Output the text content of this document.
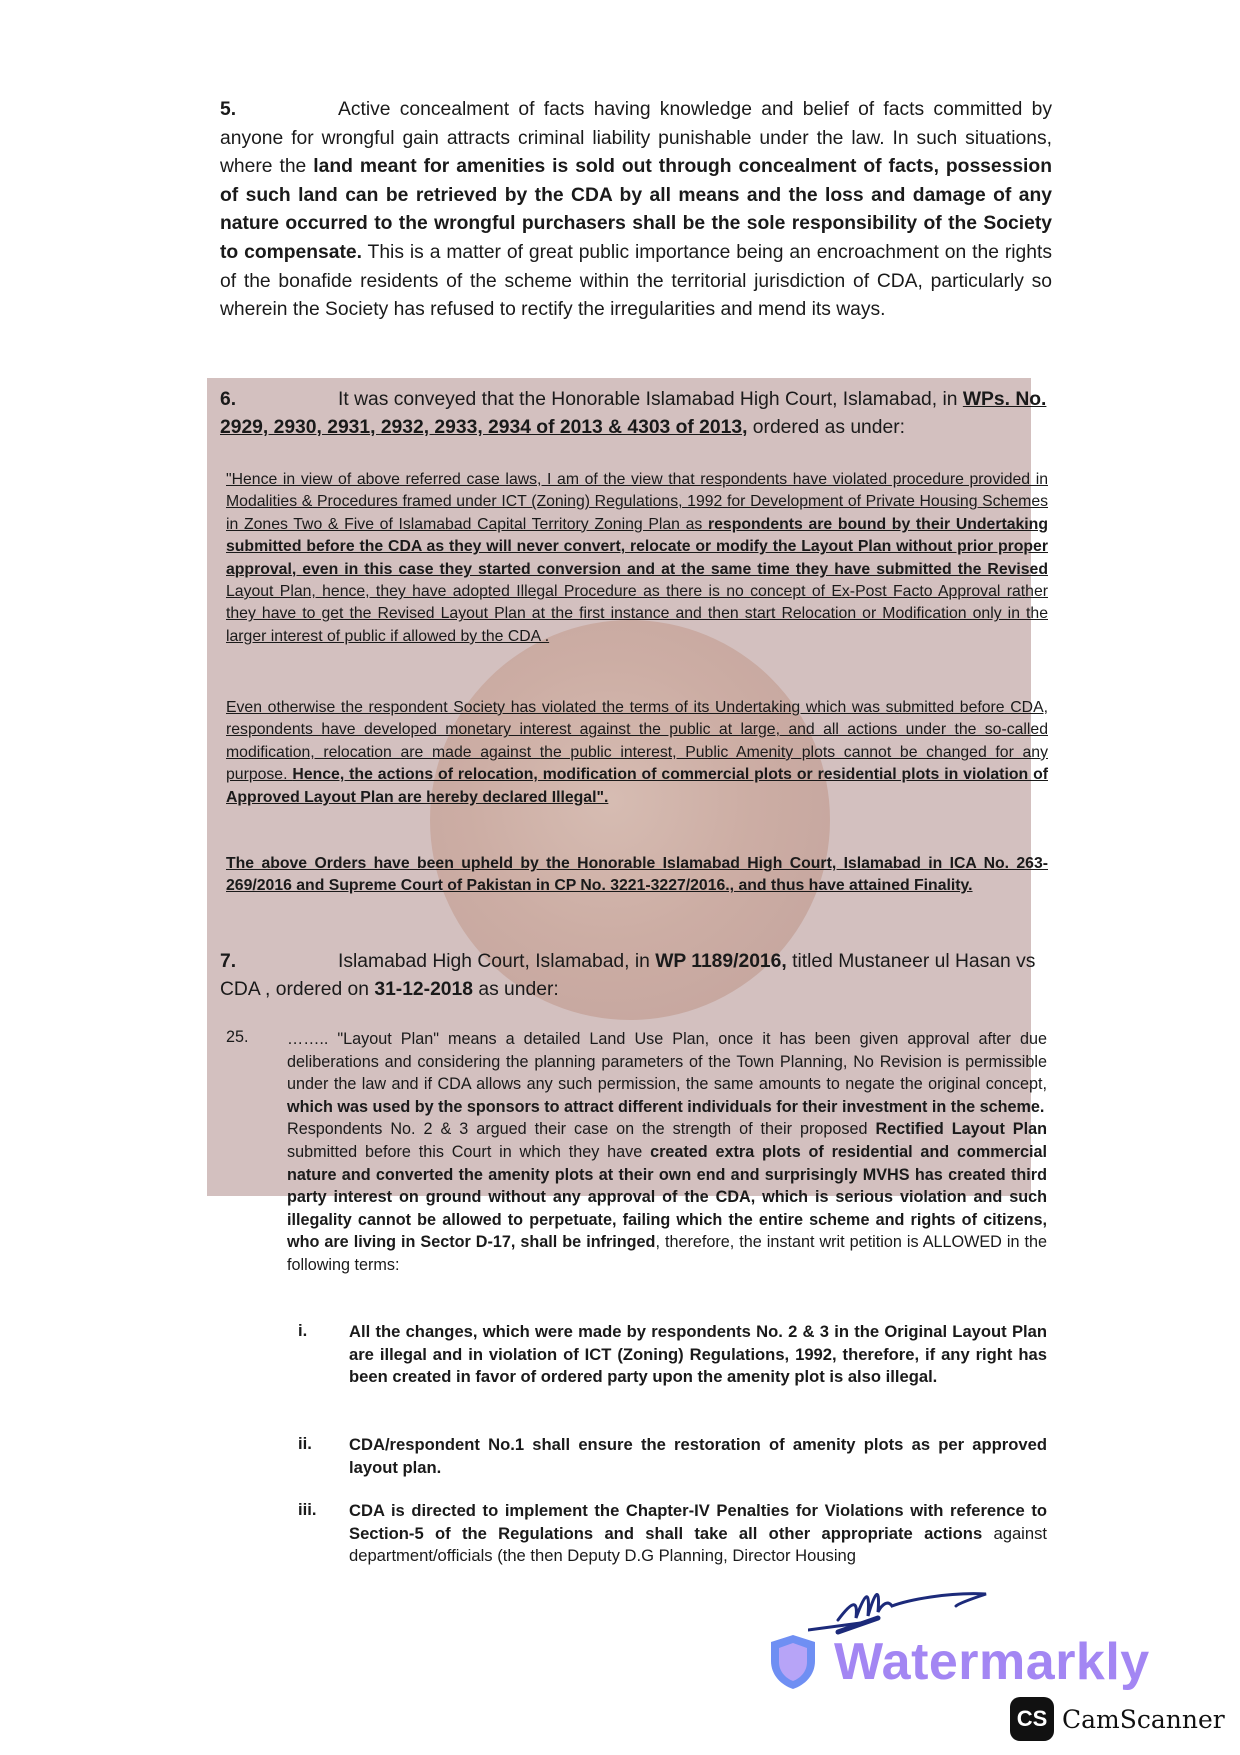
5.	Active concealment of facts having knowledge and belief of facts committed by anyone for wrongful gain attracts criminal liability punishable under the law. In such situations, where the land meant for amenities is sold out through concealment of facts, possession of such land can be retrieved by the CDA by all means and the loss and damage of any nature occurred to the wrongful purchasers shall be the sole responsibility of the Society to compensate. This is a matter of great public importance being an encroachment on the rights of the bonafide residents of the scheme within the territorial jurisdiction of CDA, particularly so wherein the Society has refused to rectify the irregularities and mend its ways.
6.	It was conveyed that the Honorable Islamabad High Court, Islamabad, in WPs. No. 2929, 2930, 2931, 2932, 2933, 2934 of 2013 & 4303 of 2013, ordered as under:
"Hence in view of above referred case laws, I am of the view that respondents have violated procedure provided in Modalities & Procedures framed under ICT (Zoning) Regulations, 1992 for Development of Private Housing Schemes in Zones Two & Five of Islamabad Capital Territory Zoning Plan as respondents are bound by their Undertaking submitted before the CDA as they will never convert, relocate or modify the Layout Plan without prior proper approval, even in this case they started conversion and at the same time they have submitted the Revised Layout Plan, hence, they have adopted Illegal Procedure as there is no concept of Ex-Post Facto Approval rather they have to get the Revised Layout Plan at the first instance and then start Relocation or Modification only in the larger interest of public if allowed by the CDA .
Even otherwise the respondent Society has violated the terms of its Undertaking which was submitted before CDA, respondents have developed monetary interest against the public at large, and all actions under the so-called modification, relocation are made against the public interest, Public Amenity plots cannot be changed for any purpose. Hence, the actions of relocation, modification of commercial plots or residential plots in violation of Approved Layout Plan are hereby declared Illegal".
The above Orders have been upheld by the Honorable Islamabad High Court, Islamabad in ICA No. 263-269/2016 and Supreme Court of Pakistan in CP No. 3221-3227/2016., and thus have attained Finality.
7.	Islamabad High Court, Islamabad, in WP 1189/2016, titled Mustaneer ul Hasan vs CDA , ordered on 31-12-2018 as under:
25. …….. "Layout Plan" means a detailed Land Use Plan, once it has been given approval after due deliberations and considering the planning parameters of the Town Planning, No Revision is permissible under the law and if CDA allows any such permission, the same amounts to negate the original concept, which was used by the sponsors to attract different individuals for their investment in the scheme.
Respondents No. 2 & 3 argued their case on the strength of their proposed Rectified Layout Plan submitted before this Court in which they have created extra plots of residential and commercial nature and converted the amenity plots at their own end and surprisingly MVHS has created third party interest on ground without any approval of the CDA, which is serious violation and such illegality cannot be allowed to perpetuate, failing which the entire scheme and rights of citizens, who are living in Sector D-17, shall be infringed, therefore, the instant writ petition is ALLOWED in the following terms:
i.	All the changes, which were made by respondents No. 2 & 3 in the Original Layout Plan are illegal and in violation of ICT (Zoning) Regulations, 1992, therefore, if any right has been created in favor of ordered party upon the amenity plot is also illegal.
ii. CDA/respondent No.1 shall ensure the restoration of amenity plots as per approved layout plan.
iii. CDA is directed to implement the Chapter-IV Penalties for Violations with reference to Section-5 of the Regulations and shall take all other appropriate actions against department/officials (the then Deputy D.G Planning, Director Housing
Watermarkly
CS CamScanner
